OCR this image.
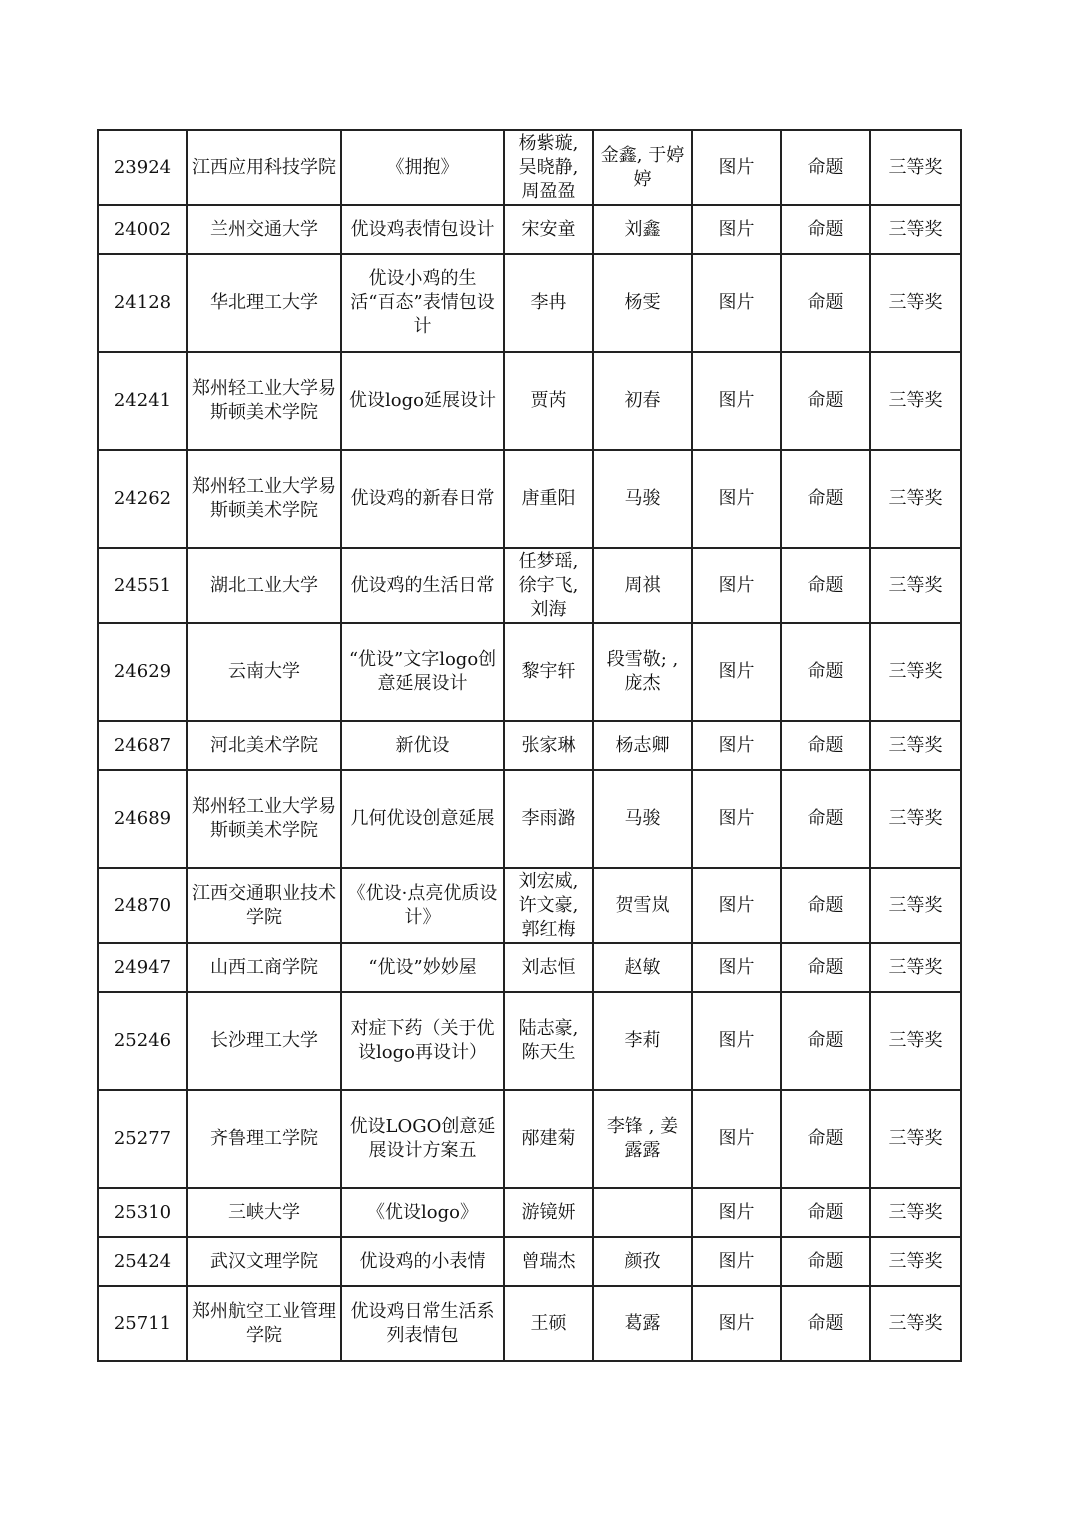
23924	江西应用科技学院	《拥抱》	杨紫璇, 吴晓静, 周盈盈	金鑫, 于婷婷	图片	命题	三等奖
24002	兰州交通大学	优设鸡表情包设计	宋安童	刘鑫	图片	命题	三等奖
24128	华北理工大学	优设小鸡的生活“百态”表情包设计	李冉	杨雯	图片	命题	三等奖
24241	郑州轻工业大学易斯顿美术学院	优设logo延展设计	贾芮	初春	图片	命题	三等奖
24262	郑州轻工业大学易斯顿美术学院	优设鸡的新春日常	唐重阳	马骏	图片	命题	三等奖
24551	湖北工业大学	优设鸡的生活日常	任梦瑶, 徐宇飞, 刘海	周祺	图片	命题	三等奖
24629	云南大学	“优设”文字logo创意延展设计	黎宇轩	段雪敬; , 庞杰	图片	命题	三等奖
24687	河北美术学院	新优设	张家琳	杨志卿	图片	命题	三等奖
24689	郑州轻工业大学易斯顿美术学院	几何优设创意延展	李雨潞	马骏	图片	命题	三等奖
24870	江西交通职业技术学院	《优设·点亮优质设计》	刘宏威, 许文豪, 郭红梅	贺雪岚	图片	命题	三等奖
24947	山西工商学院	“优设”妙妙屋	刘志恒	赵敏	图片	命题	三等奖
25246	长沙理工大学	对症下药（关于优设logo再设计）	陆志豪, 陈天生	李莉	图片	命题	三等奖
25277	齐鲁理工学院	优设LOGO创意延展设计方案五	邴建菊	李锋 , 姜露露	图片	命题	三等奖
25310	三峡大学	《优设logo》	游镜妍		图片	命题	三等奖
25424	武汉文理学院	优设鸡的小表情	曾瑞杰	颜孜	图片	命题	三等奖
25711	郑州航空工业管理学院	优设鸡日常生活系列表情包	王硕	葛露	图片	命题	三等奖
